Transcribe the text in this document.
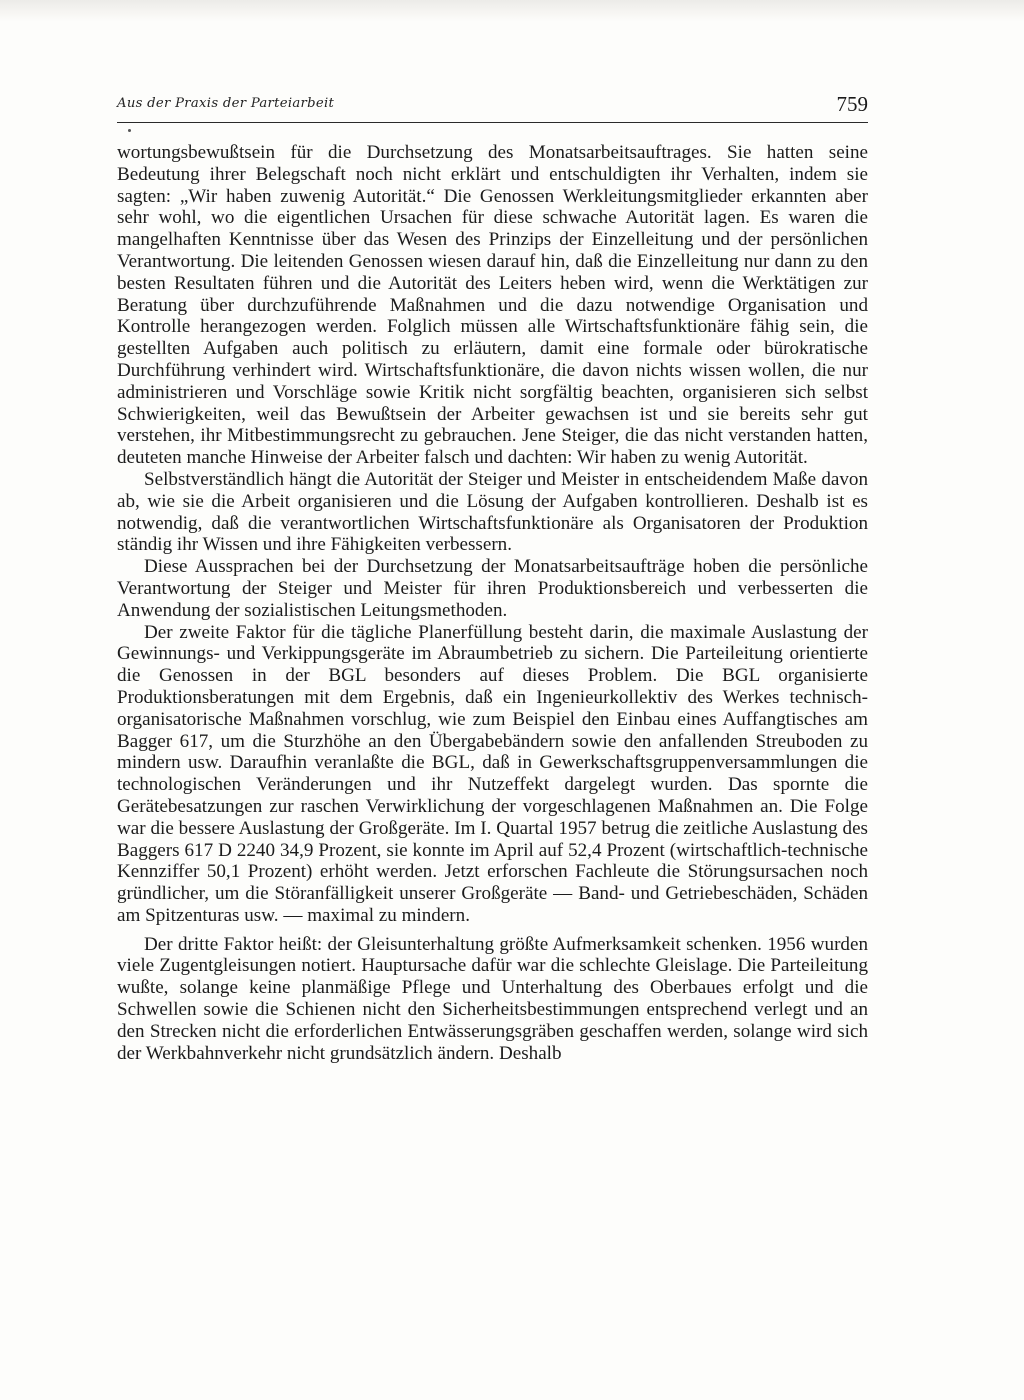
Aus der Praxis der Parteiarbeit	759

wortungsbewußtsein für die Durchsetzung des Monatsarbeitsauftrages. Sie hatten seine Bedeutung ihrer Belegschaft noch nicht erklärt und entschuldigten ihr Verhalten, indem sie sagten: „Wir haben zuwenig Autorität.“ Die Genossen Werkleitungsmitglieder erkannten aber sehr wohl, wo die eigentlichen Ursachen für diese schwache Autorität lagen. Es waren die mangelhaften Kenntnisse über das Wesen des Prinzips der Einzelleitung und der persönlichen Verantwortung. Die leitenden Genossen wiesen darauf hin, daß die Einzelleitung nur dann zu den besten Resultaten führen und die Autorität des Leiters heben wird, wenn die Werktätigen zur Beratung über durchzuführende Maßnahmen und die dazu notwendige Organisation und Kontrolle herangezogen werden. Folglich müssen alle Wirtschaftsfunktionäre fähig sein, die gestellten Aufgaben auch politisch zu erläutern, damit eine formale oder bürokratische Durchführung verhindert wird. Wirtschaftsfunktionäre, die davon nichts wissen wollen, die nur administrieren und Vorschläge sowie Kritik nicht sorgfältig beachten, organisieren sich selbst Schwierigkeiten, weil das Bewußtsein der Arbeiter gewachsen ist und sie bereits sehr gut verstehen, ihr Mitbestimmungsrecht zu gebrauchen. Jene Steiger, die das nicht verstanden hatten, deuteten manche Hinweise der Arbeiter falsch und dachten: Wir haben zu wenig Autorität.

Selbstverständlich hängt die Autorität der Steiger und Meister in entscheidendem Maße davon ab, wie sie die Arbeit organisieren und die Lösung der Aufgaben kontrollieren. Deshalb ist es notwendig, daß die verantwortlichen Wirtschaftsfunktionäre als Organisatoren der Produktion ständig ihr Wissen und ihre Fähigkeiten verbessern.

Diese Aussprachen bei der Durchsetzung der Monatsarbeitsaufträge hoben die persönliche Verantwortung der Steiger und Meister für ihren Produktionsbereich und verbesserten die Anwendung der sozialistischen Leitungsmethoden.

Der zweite Faktor für die tägliche Planerfüllung besteht darin, die maximale Auslastung der Gewinnungs- und Verkippungsgeräte im Abraumbetrieb zu sichern. Die Parteileitung orientierte die Genossen in der BGL besonders auf dieses Problem. Die BGL organisierte Produktionsberatungen mit dem Ergebnis, daß ein Ingenieurkollektiv des Werkes technisch-organisatorische Maßnahmen vorschlug, wie zum Beispiel den Einbau eines Auffangtisches am Bagger 617, um die Sturzhöhe an den Übergabebändern sowie den anfallenden Streuboden zu mindern usw. Daraufhin veranlaßte die BGL, daß in Gewerkschaftsgruppenversammlungen die technologischen Veränderungen und ihr Nutzeffekt dargelegt wurden. Das spornte die Gerätebesatzungen zur raschen Verwirklichung der vorgeschlagenen Maßnahmen an. Die Folge war die bessere Auslastung der Großgeräte. Im I. Quartal 1957 betrug die zeitliche Auslastung des Baggers 617 D 2240 34,9 Prozent, sie konnte im April auf 52,4 Prozent (wirtschaftlich-technische Kennziffer 50,1 Prozent) erhöht werden. Jetzt erforschen Fachleute die Störungsursachen noch gründlicher, um die Störanfälligkeit unserer Großgeräte — Band- und Getriebeschäden, Schäden am Spitzenturas usw. — maximal zu mindern.

Der dritte Faktor heißt: der Gleisunterhaltung größte Aufmerksamkeit schenken. 1956 wurden viele Zugentgleisungen notiert. Hauptursache dafür war die schlechte Gleislage. Die Parteileitung wußte, solange keine planmäßige Pflege und Unterhaltung des Oberbaues erfolgt und die Schwellen sowie die Schienen nicht den Sicherheitsbestimmungen entsprechend verlegt und an den Strecken nicht die erforderlichen Entwässerungsgräben geschaffen werden, solange wird sich der Werkbahnverkehr nicht grundsätzlich ändern. Deshalb
